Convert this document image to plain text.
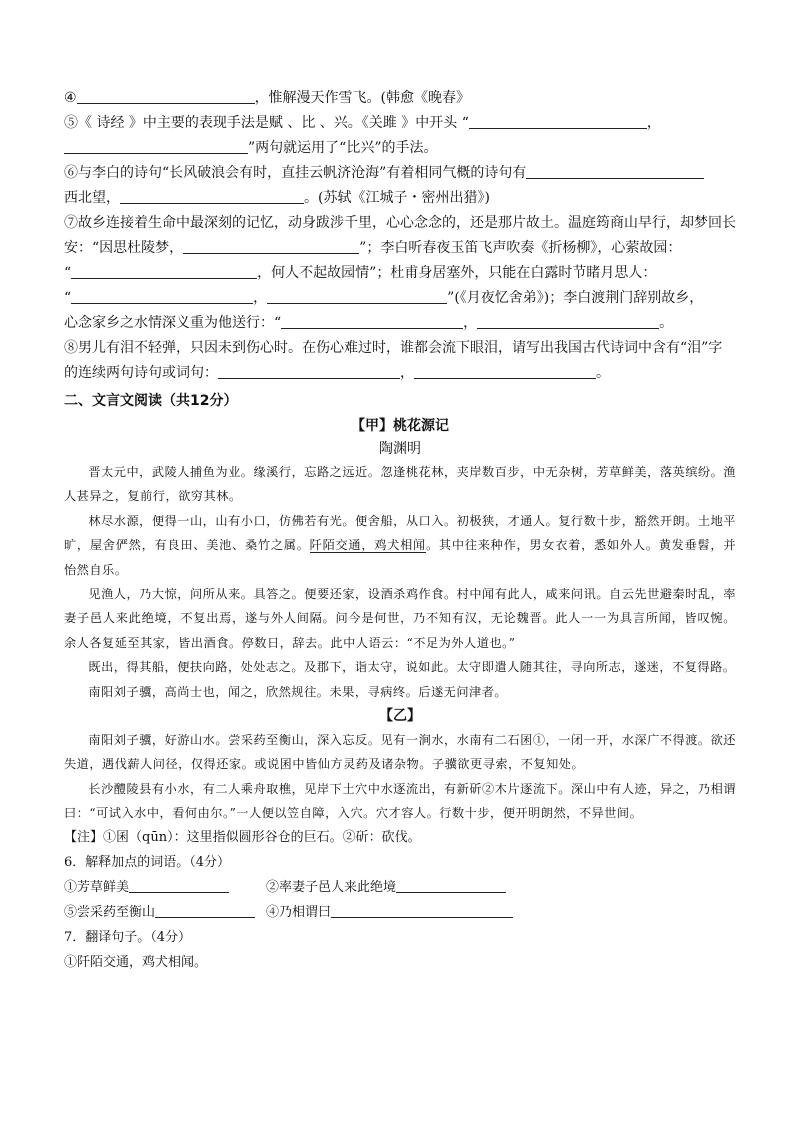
④	，惟解漫天作雪飞。(韩愈《晚春》
⑤《 诗经 》中主要的表现手法是赋 、比 、兴。《关雎 》中开头 “	，
”两句就运用了“比兴”的手法。
⑥与李白的诗句“长风破浪会有时，直挂云帆济沧海”有着相同气概的诗句有
西北望，	。(苏轼《江城子・密州出猎》)
⑦故乡连接着生命中最深刻的记忆，动身跋涉千里，心心念念的，还是那片故土。温庭筠商山早行，却梦回长
安：“因思杜陵梦，	”；李白听春夜玉笛飞声吹奏《折杨柳》，心萦故园：
“	，何人不起故园情”；杜甫身居塞外，只能在白露时节睹月思人：
“	，	”(《月夜忆舍弟》)；李白渡荆门辞别故乡，
心念家乡之水情深义重为他送行：“	，	。
⑧男儿有泪不轻弹，只因未到伤心时。在伤心难过时，谁都会流下眼泪，请写出我国古代诗词中含有“泪”字
的连续两句诗句或词句：	，	。
二、文言文阅读（共12分）
【甲】桃花源记
陶渊明
晋太元中，武陵人捕鱼为业。缘溪行，忘路之远近。忽逢桃花林，夹岸数百步，中无杂树，芳草鲜美，落英缤纷。渔人甚异之，复前行，欲穷其林。
林尽水源，便得一山，山有小口，仿佛若有光。便舍船，从口入。初极狭，才通人。复行数十步，豁然开朗。土地平旷，屋舍俨然，有良田、美池、桑竹之属。阡陌交通，鸡犬相闻。其中往来种作，男女衣着，悉如外人。黄发垂髫，并怡然自乐。
见渔人，乃大惊，问所从来。具答之。便要还家，设酒杀鸡作食。村中闻有此人，咸来问讯。自云先世避秦时乱，率妻子邑人来此绝境，不复出焉，遂与外人间隔。问今是何世，乃不知有汉，无论魏晋。此人一一为具言所闻，皆叹惋。余人各复延至其家，皆出酒食。停数日，辞去。此中人语云：“不足为外人道也。”
既出，得其船，便扶向路，处处志之。及郡下，诣太守，说如此。太守即遣人随其往，寻向所志，遂迷，不复得路。
南阳刘子骥，高尚士也，闻之，欣然规往。未果，寻病终。后遂无问津者。
【乙】
南阳刘子骥，好游山水。尝采药至衡山，深入忘反。见有一涧水，水南有二石囷①，一闭一开，水深广不得渡。欲还失道，遇伐薪人问径，仅得还家。或说囷中皆仙方灵药及诸杂物。子骥欲更寻索，不复知处。
长沙醴陵县有小水，有二人乘舟取樵，见岸下土穴中水逐流出，有新斫②木片逐流下。深山中有人迹，异之，乃相谓曰：“可试入水中，看何由尔。”一人便以笠自障，入穴。穴才容人。行数十步，便开明朗然，不异世间。
【注】①囷（qūn）：这里指似圆形谷仓的巨石。②斫：砍伐。
6．解释加点的词语。（4分）
①芳草鲜美	②率妻子邑人来此绝境
⑤尝采药至衡山	④乃相谓曰
7．翻译句子。（4分）
①阡陌交通，鸡犬相闻。
